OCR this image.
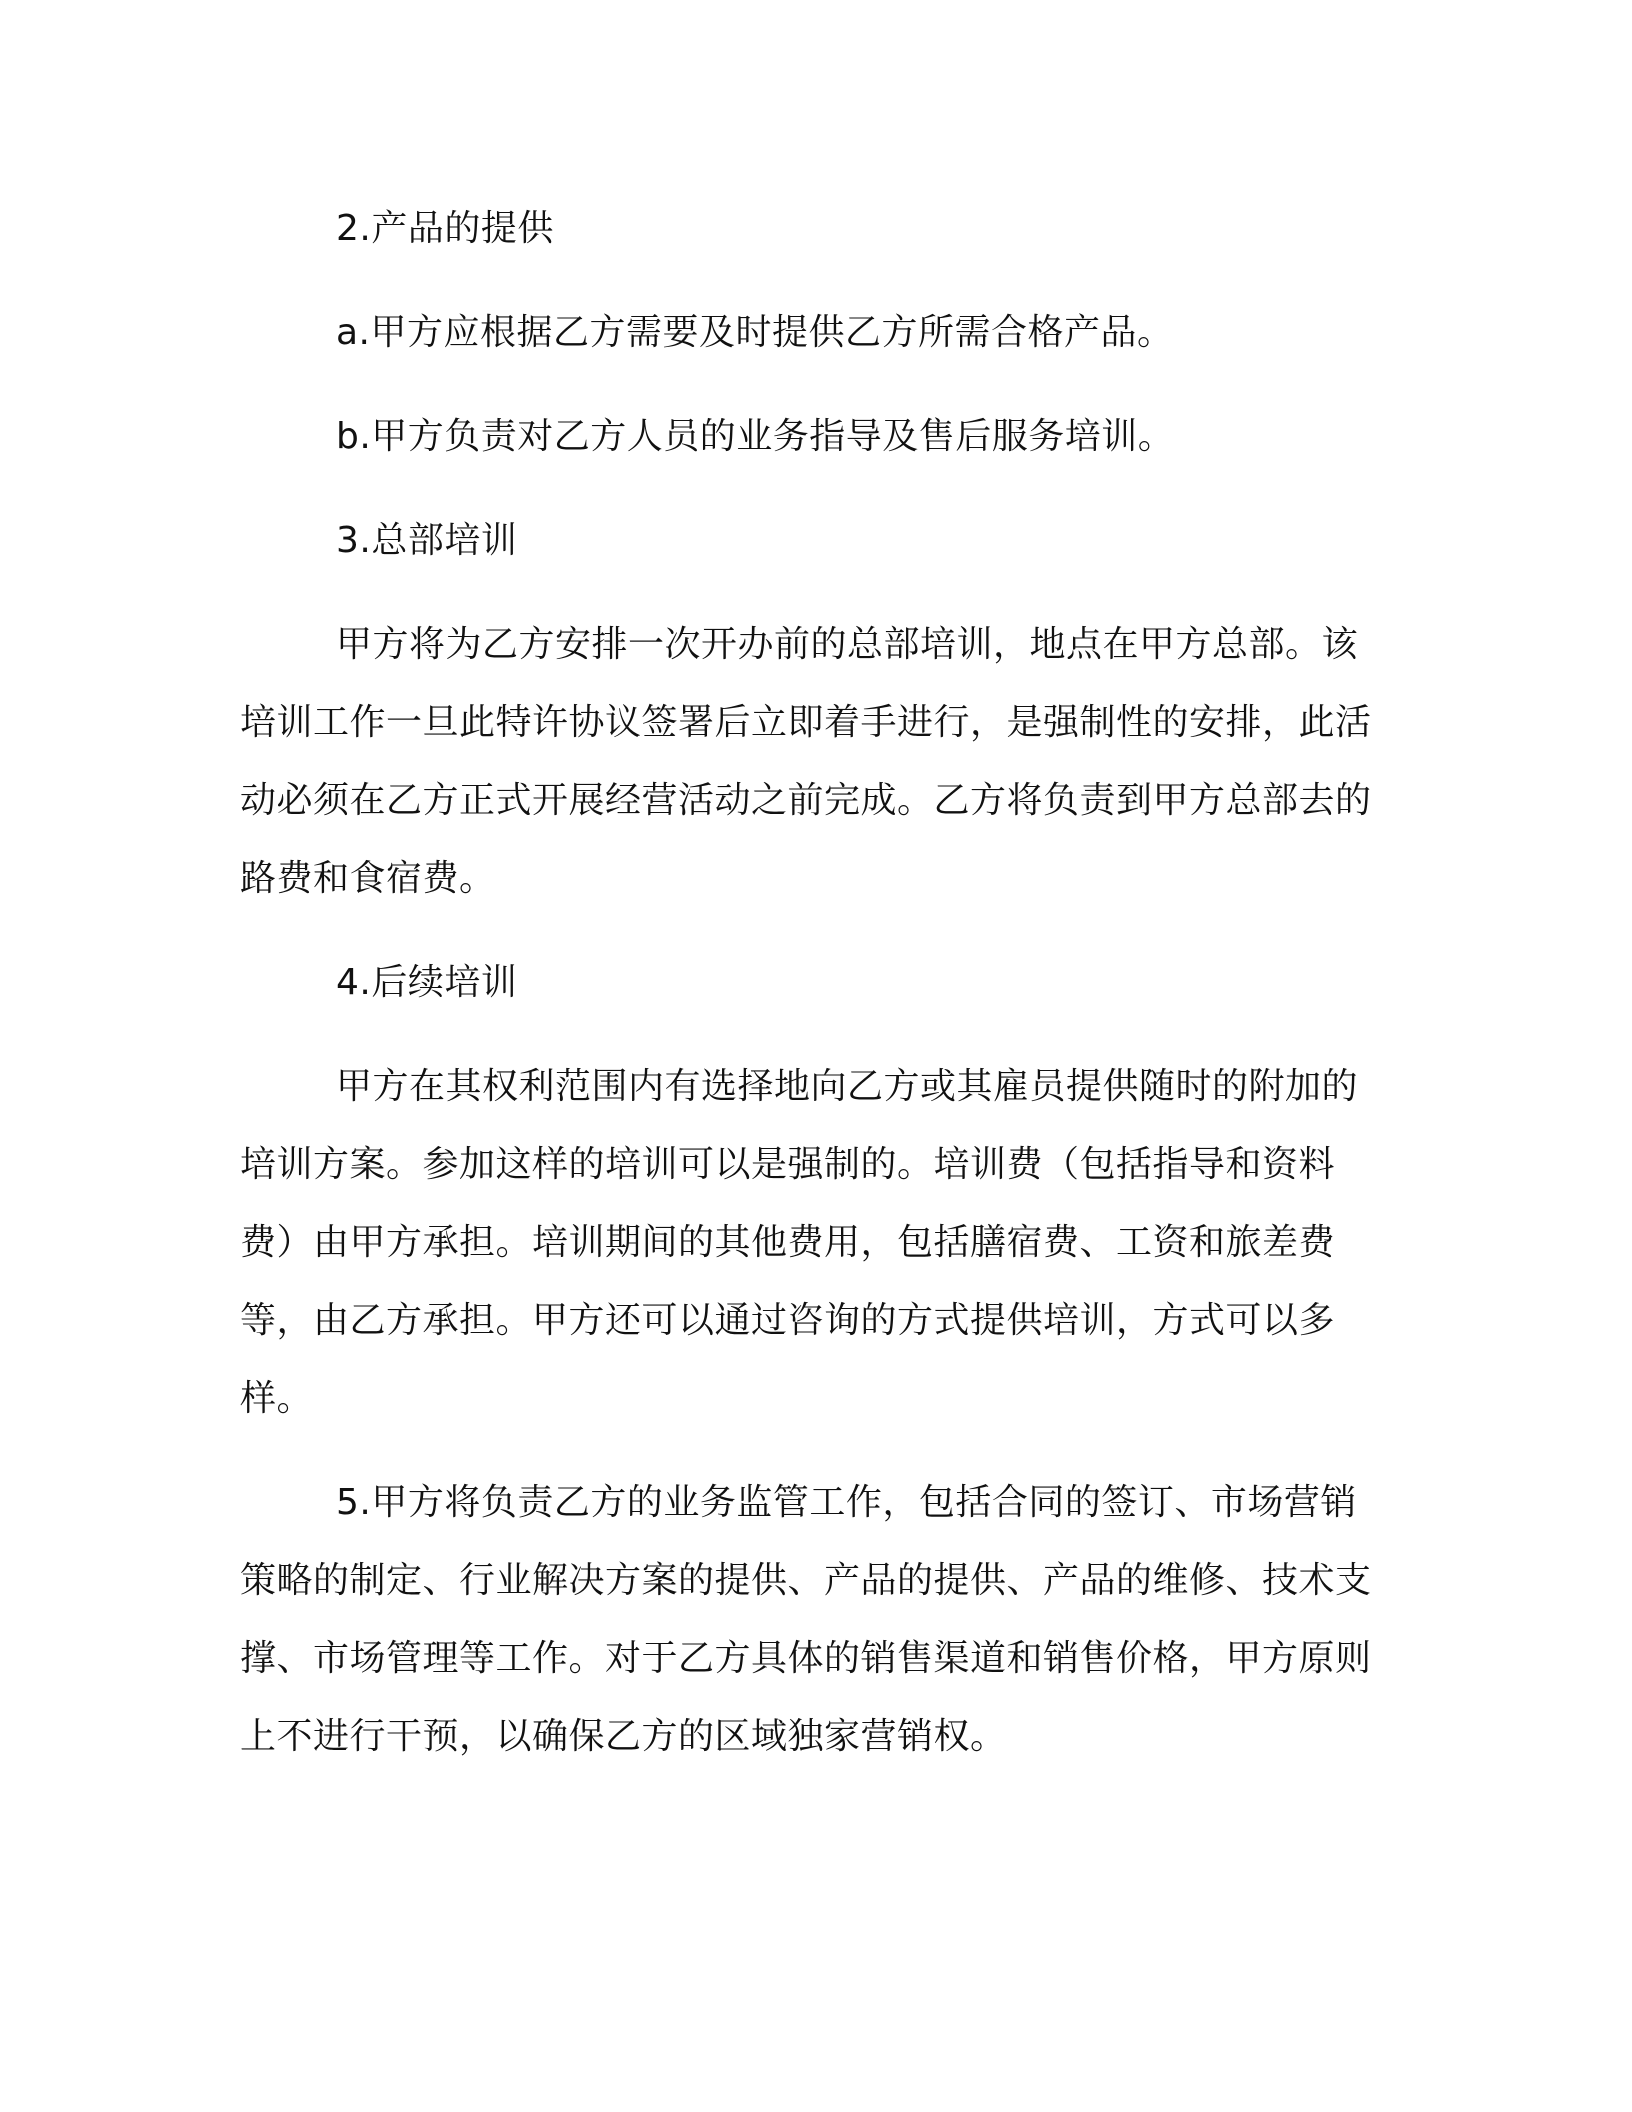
2.产品的提供

a.甲方应根据乙方需要及时提供乙方所需合格产品。

b.甲方负责对乙方人员的业务指导及售后服务培训。

3.总部培训

甲方将为乙方安排一次开办前的总部培训，地点在甲方总部。该培训工作一旦此特许协议签署后立即着手进行，是强制性的安排，此活动必须在乙方正式开展经营活动之前完成。乙方将负责到甲方总部去的路费和食宿费。

4.后续培训

甲方在其权利范围内有选择地向乙方或其雇员提供随时的附加的培训方案。参加这样的培训可以是强制的。培训费（包括指导和资料费）由甲方承担。培训期间的其他费用，包括膳宿费、工资和旅差费等，由乙方承担。甲方还可以通过咨询的方式提供培训，方式可以多样。

5.甲方将负责乙方的业务监管工作，包括合同的签订、市场营销策略的制定、行业解决方案的提供、产品的提供、产品的维修、技术支撑、市场管理等工作。对于乙方具体的销售渠道和销售价格，甲方原则上不进行干预，以确保乙方的区域独家营销权。
